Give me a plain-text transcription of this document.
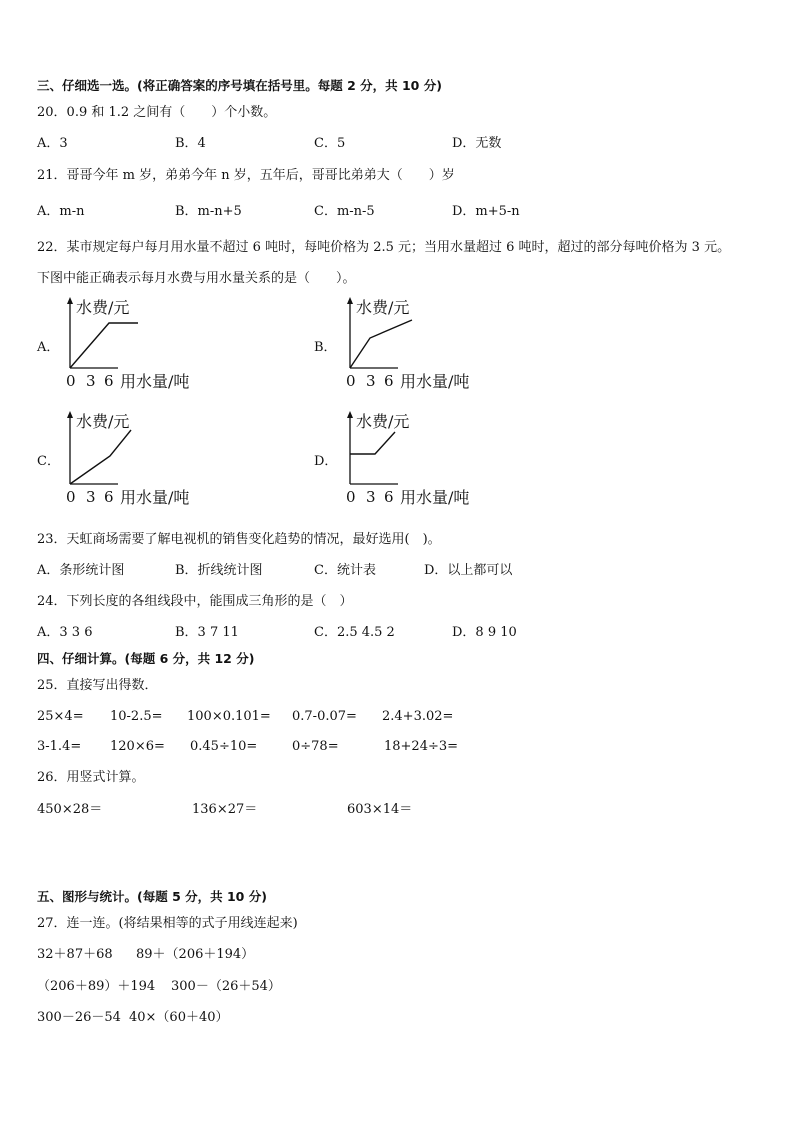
三、仔细选一选。(将正确答案的序号填在括号里。每题 2 分，共 10 分)
20．0.9 和 1.2 之间有（　　）个小数。
A．3	B．4	C．5	D．无数
21．哥哥今年 m 岁，弟弟今年 n 岁，五年后，哥哥比弟弟大（　　）岁
A．m-n	B．m-n+5	C．m-n-5	D．m+5-n
22．某市规定每户每月用水量不超过 6 吨时，每吨价格为 2.5 元；当用水量超过 6 吨时，超过的部分每吨价格为 3 元。
下图中能正确表示每月水费与用水量关系的是（　　）。
A．	B．
C．	D．
水费/元
0 3 6 用水量/吨
水费/元
0 3 6 用水量/吨
水费/元
0 3 6 用水量/吨
水费/元
0 3 6 用水量/吨
23．天虹商场需要了解电视机的销售变化趋势的情况，最好选用(　)。
A．条形统计图	B．折线统计图	C．统计表	D．以上都可以
24．下列长度的各组线段中，能围成三角形的是（　）
A．3 3 6	B．3 7 11	C．2.5 4.5 2	D．8 9 10
四、仔细计算。(每题 6 分，共 12 分)
25．直接写出得数．
25×4= 10-2.5= 100×0.101= 0.7-0.07= 2.4+3.02=
3-1.4= 120×6= 0.45÷10=	0÷78=	18+24÷3=
26．用竖式计算。
450×28＝	136×27＝	603×14＝
五、图形与统计。(每题 5 分，共 10 分)
27．连一连。(将结果相等的式子用线连起来)
32＋87＋68 89＋（206＋194）
（206＋89）＋194 300－（26＋54）
300－26－54 40×（60＋40）
